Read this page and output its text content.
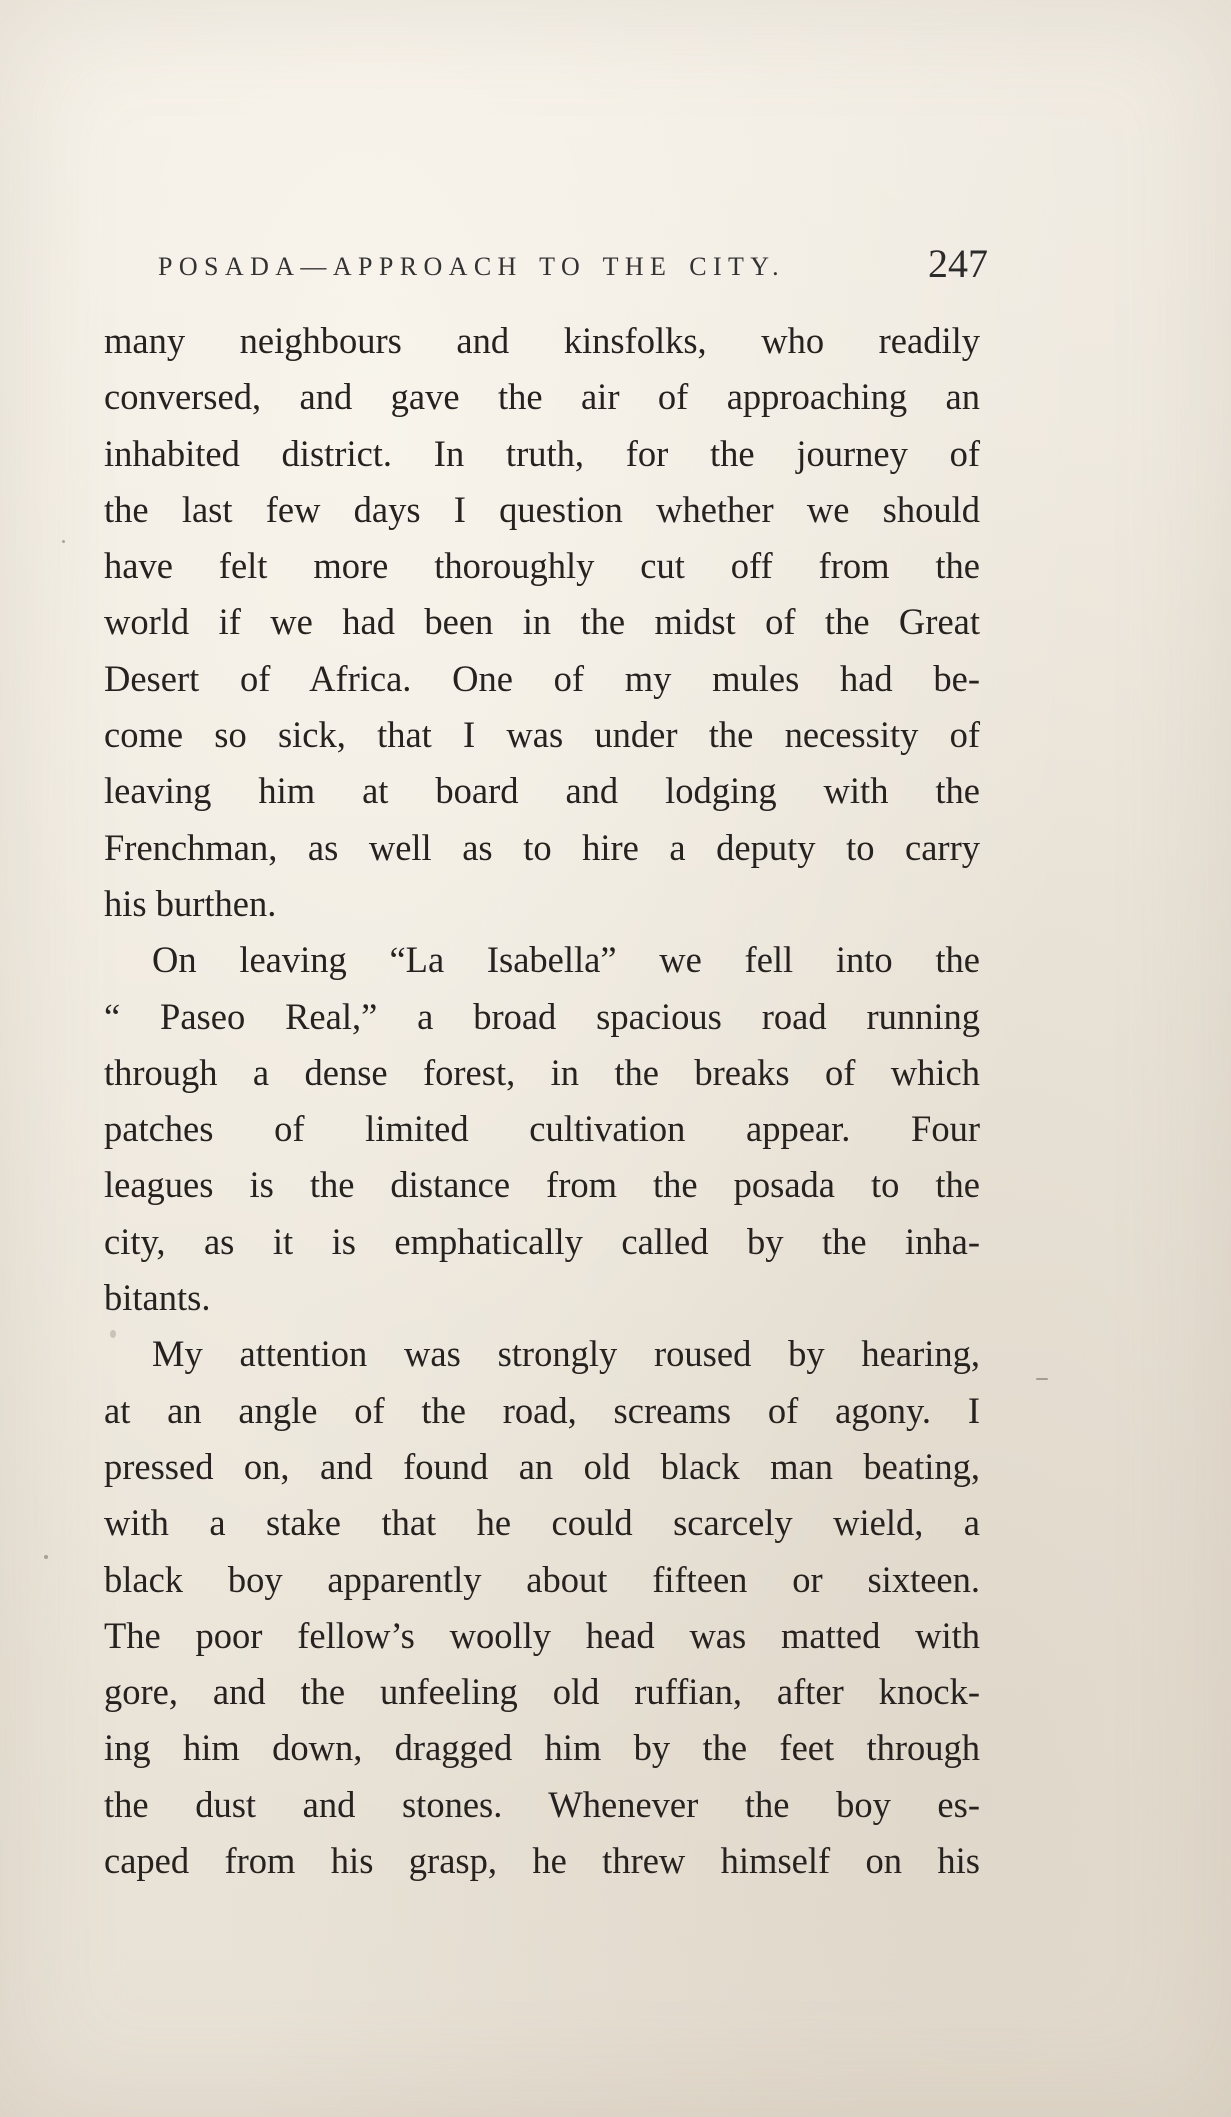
POSADA—APPROACH TO THE CITY.	247
many neighbours and kinsfolks, who readily
conversed, and gave the air of approaching an
inhabited district. In truth, for the journey of
the last few days I question whether we should
have felt more thoroughly cut off from the
world if we had been in the midst of the Great
Desert of Africa. One of my mules had be-
come so sick, that I was under the necessity of
leaving him at board and lodging with the
Frenchman, as well as to hire a deputy to carry
his burthen.
On leaving “La Isabella” we fell into the
“ Paseo Real,” a broad spacious road running
through a dense forest, in the breaks of which
patches of limited cultivation appear. Four
leagues is the distance from the posada to the
city, as it is emphatically called by the inha-
bitants.
My attention was strongly roused by hearing,
at an angle of the road, screams of agony. I
pressed on, and found an old black man beating,
with a stake that he could scarcely wield, a
black boy apparently about fifteen or sixteen.
The poor fellow’s woolly head was matted with
gore, and the unfeeling old ruffian, after knock-
ing him down, dragged him by the feet through
the dust and stones. Whenever the boy es-
caped from his grasp, he threw himself on his
